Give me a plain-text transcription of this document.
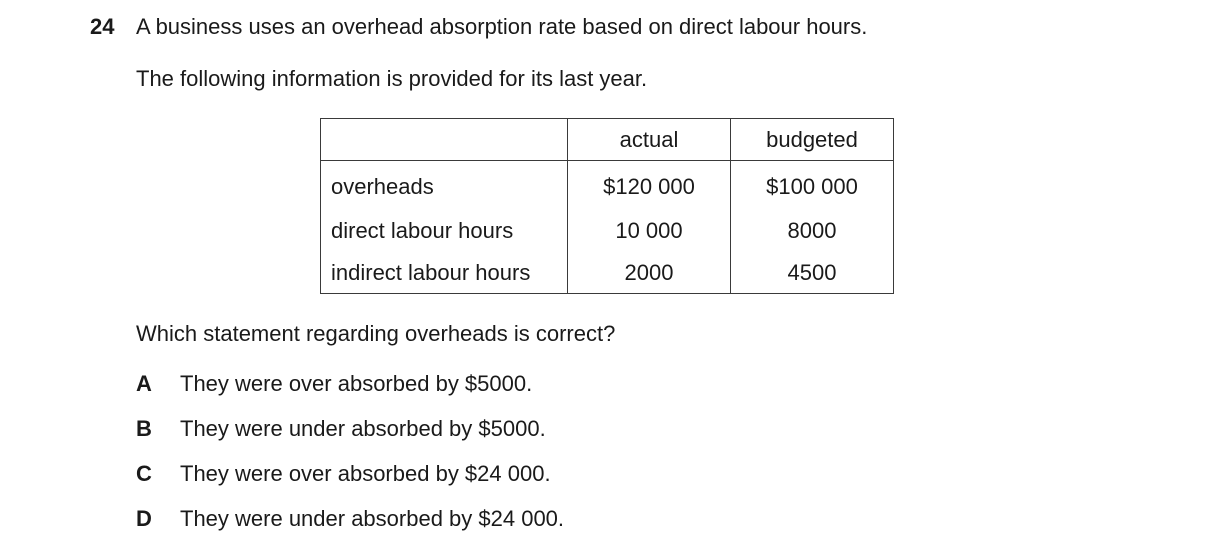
24 A business uses an overhead absorption rate based on direct labour hours.
The following information is provided for its last year.
	actual	budgeted
overheads	$120 000	$100 000
direct labour hours	10 000	8000
indirect labour hours	2000	4500
Which statement regarding overheads is correct?
A They were over absorbed by $5000.
B They were under absorbed by $5000.
C They were over absorbed by $24 000.
D They were under absorbed by $24 000.
